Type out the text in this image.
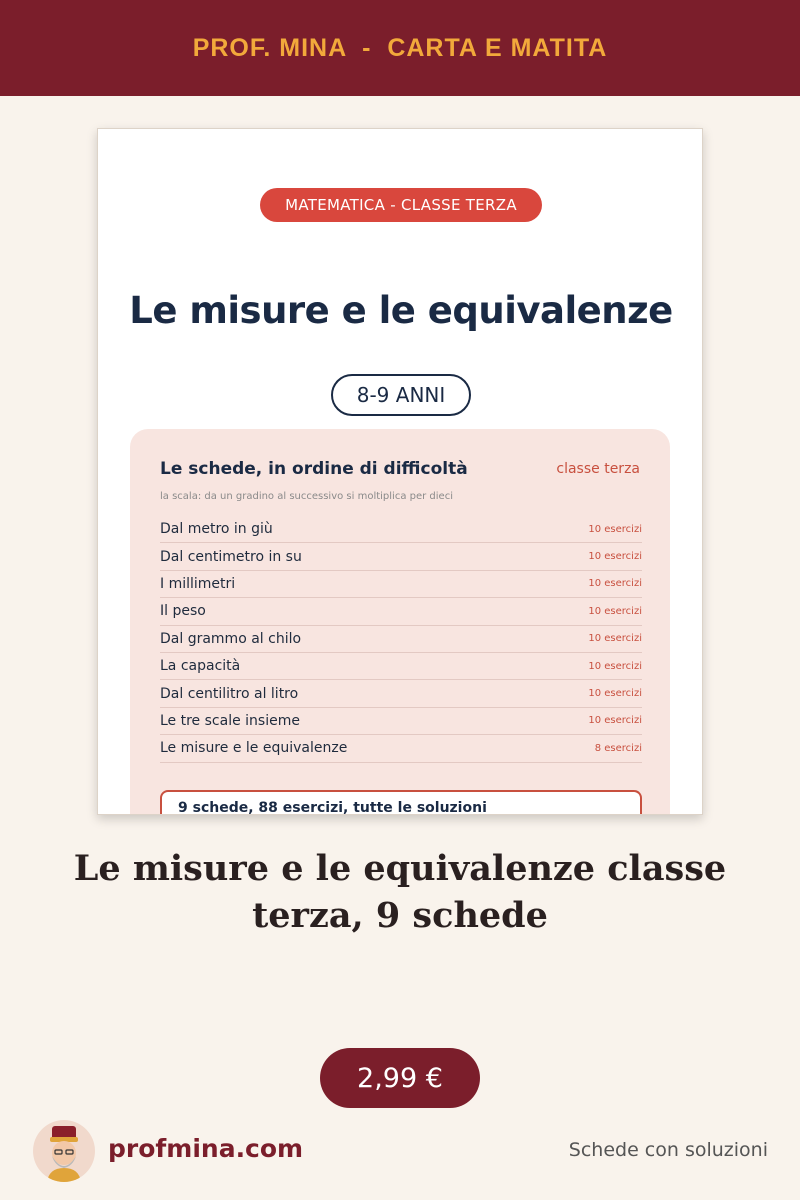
PROF. MINA  -  CARTA E MATITA
MATEMATICA - CLASSE TERZA
Le misure e le equivalenze
8-9 ANNI
Le schede, in ordine di difficoltà	classe terza
la scala: da un gradino al successivo si moltiplica per dieci
Dal metro in giù	10 esercizi
Dal centimetro in su	10 esercizi
I millimetri	10 esercizi
Il peso	10 esercizi
Dal grammo al chilo	10 esercizi
La capacità	10 esercizi
Dal centilitro al litro	10 esercizi
Le tre scale insieme	10 esercizi
Le misure e le equivalenze	8 esercizi
9 schede, 88 esercizi, tutte le soluzioni
Le misure e le equivalenze classe terza, 9 schede
2,99 €
profmina.com	Schede con soluzioni
